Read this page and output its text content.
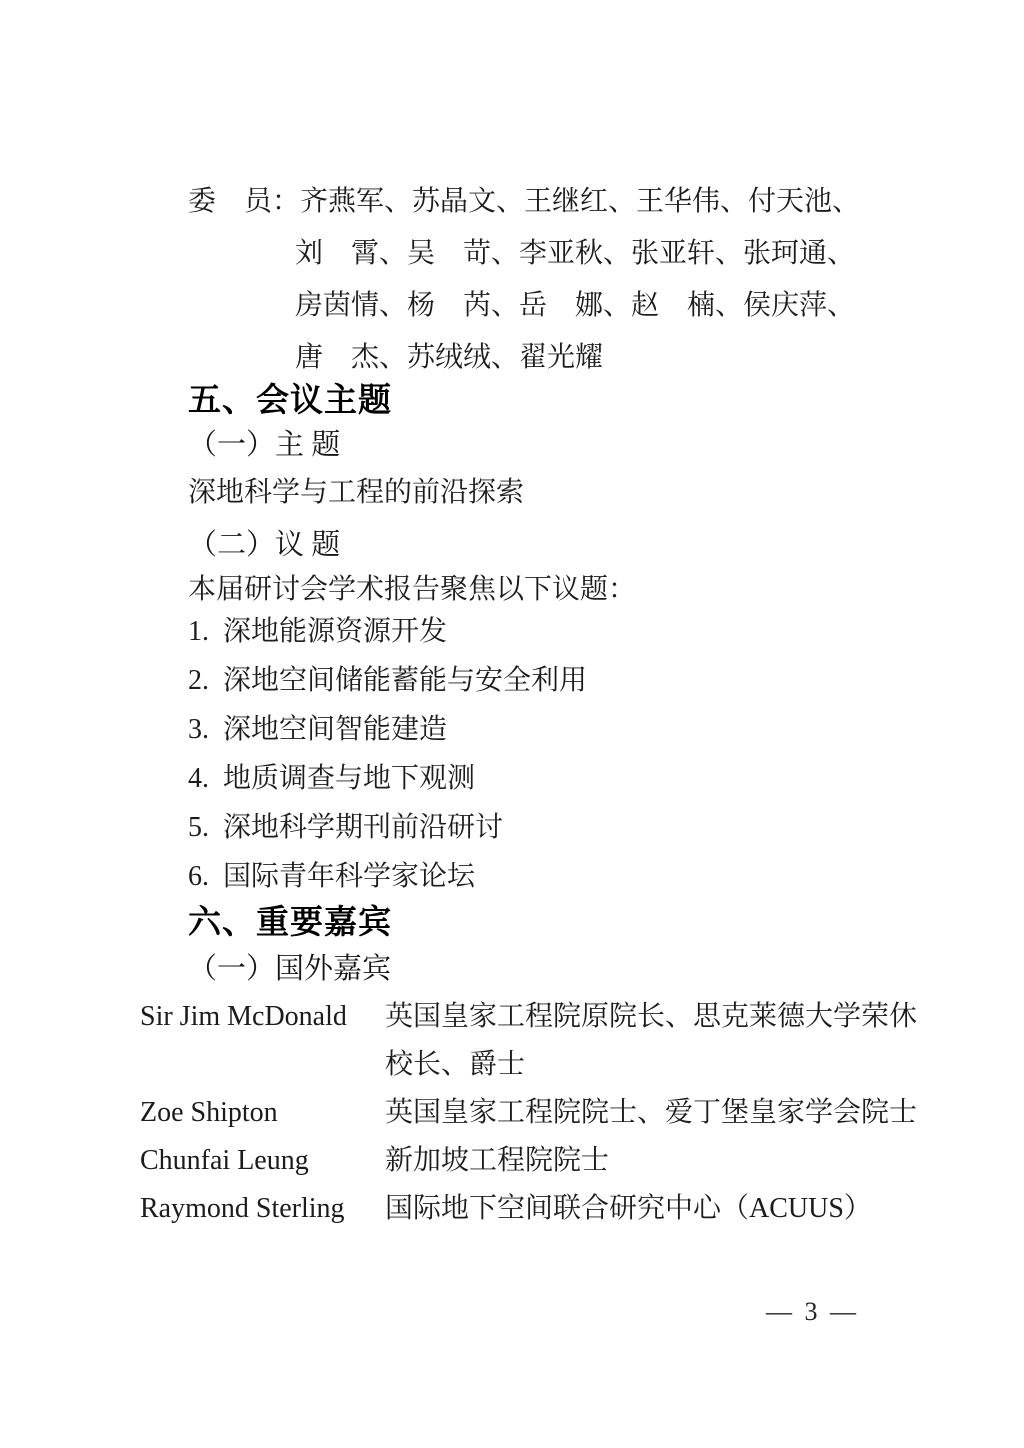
委　员：齐燕军、苏晶文、王继红、王华伟、付天池、
刘　霄、吴　苛、李亚秋、张亚轩、张珂通、
房茵情、杨　芮、岳　娜、赵　楠、侯庆萍、
唐　杰、苏绒绒、翟光耀
五、会议主题
（一）主 题
深地科学与工程的前沿探索
（二）议 题
本届研讨会学术报告聚焦以下议题：
1. 深地能源资源开发
2. 深地空间储能蓄能与安全利用
3. 深地空间智能建造
4. 地质调查与地下观测
5. 深地科学期刊前沿研讨
6. 国际青年科学家论坛
六、重要嘉宾
（一）国外嘉宾
Sir Jim McDonald	英国皇家工程院原院长、思克莱德大学荣休校长、爵士
Zoe Shipton	英国皇家工程院院士、爱丁堡皇家学会院士
Chunfai Leung	新加坡工程院院士
Raymond Sterling	国际地下空间联合研究中心（ACUUS）
— 3 —
